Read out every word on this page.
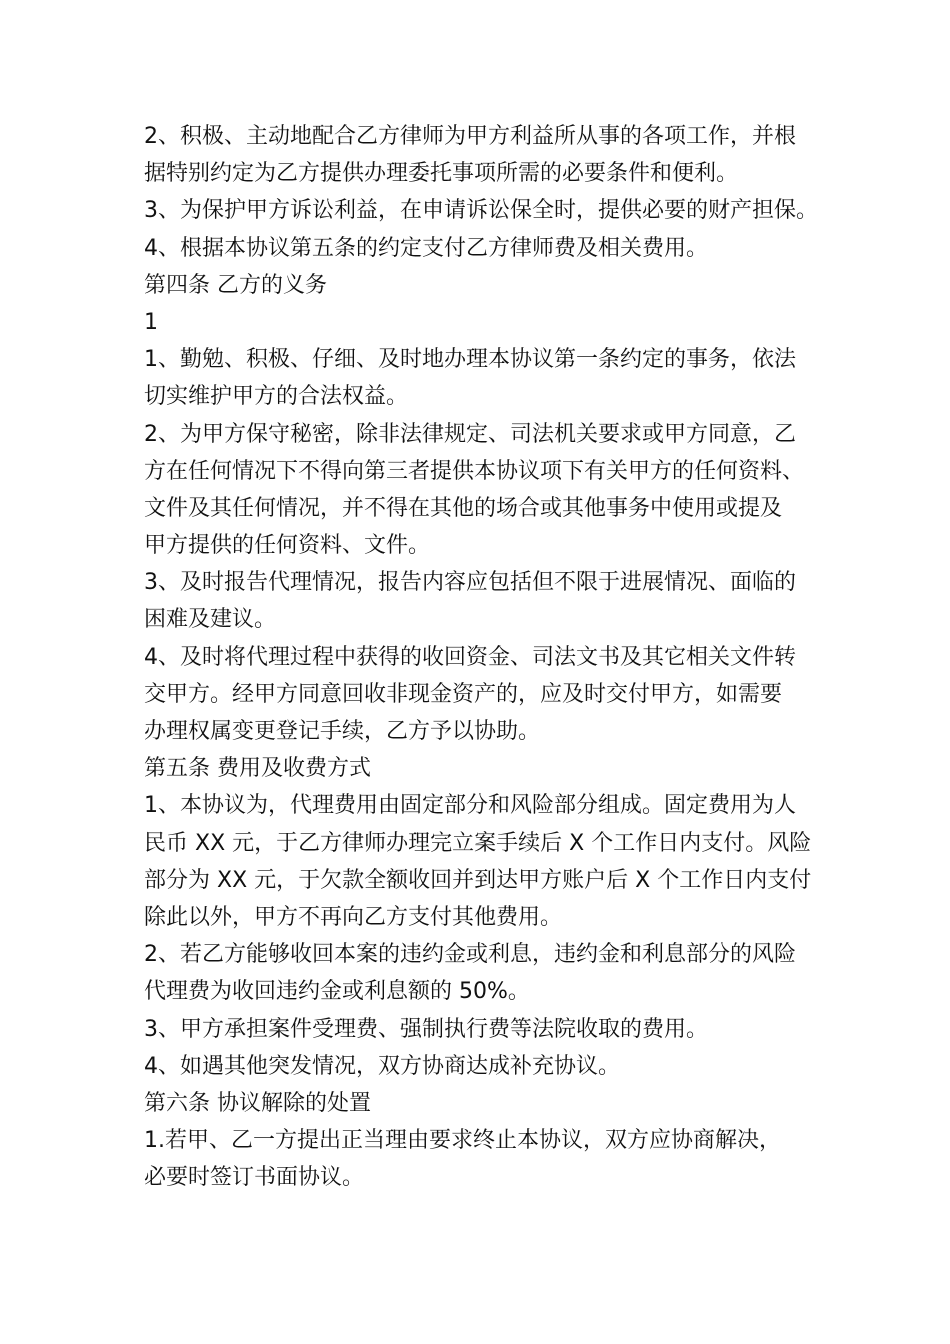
2、积极、主动地配合乙方律师为甲方利益所从事的各项工作，并根
据特别约定为乙方提供办理委托事项所需的必要条件和便利。
3、为保护甲方诉讼利益，在申请诉讼保全时，提供必要的财产担保。
4、根据本协议第五条的约定支付乙方律师费及相关费用。
第四条 乙方的义务
1
1、勤勉、积极、仔细、及时地办理本协议第一条约定的事务，依法
切实维护甲方的合法权益。
2、为甲方保守秘密，除非法律规定、司法机关要求或甲方同意，乙
方在任何情况下不得向第三者提供本协议项下有关甲方的任何资料、
文件及其任何情况，并不得在其他的场合或其他事务中使用或提及
甲方提供的任何资料、文件。
3、及时报告代理情况，报告内容应包括但不限于进展情况、面临的
困难及建议。
4、及时将代理过程中获得的收回资金、司法文书及其它相关文件转
交甲方。经甲方同意回收非现金资产的，应及时交付甲方，如需要
办理权属变更登记手续，乙方予以协助。
第五条 费用及收费方式
1、本协议为，代理费用由固定部分和风险部分组成。固定费用为人
民币 XX 元，于乙方律师办理完立案手续后 X 个工作日内支付。风险
部分为 XX 元，于欠款全额收回并到达甲方账户后 X 个工作日内支付
除此以外，甲方不再向乙方支付其他费用。
2、若乙方能够收回本案的违约金或利息，违约金和利息部分的风险
代理费为收回违约金或利息额的 50%。
3、甲方承担案件受理费、强制执行费等法院收取的费用。
4、如遇其他突发情况，双方协商达成补充协议。
第六条 协议解除的处置
1.若甲、乙一方提出正当理由要求终止本协议，双方应协商解决，
必要时签订书面协议。
